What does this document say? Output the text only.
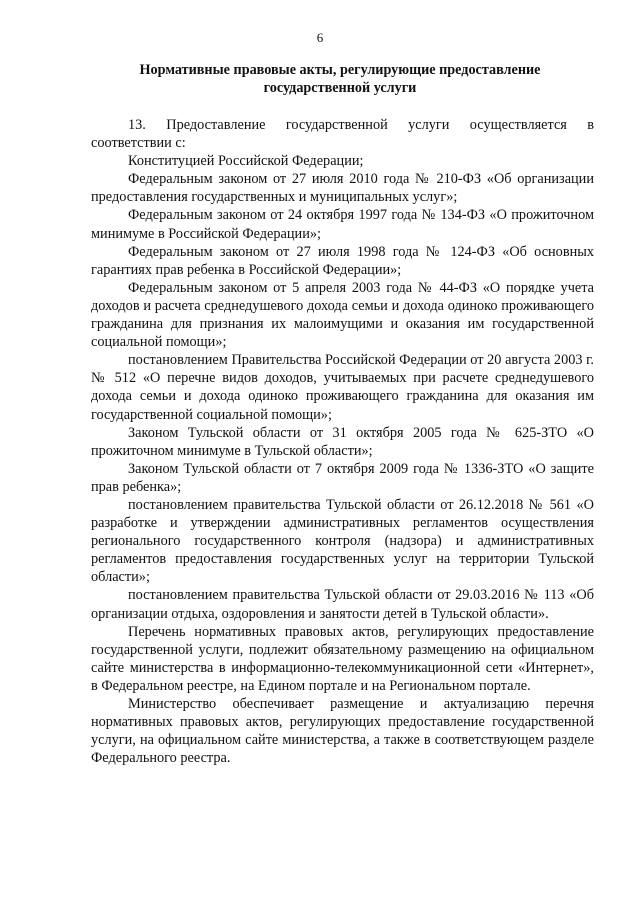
6
Нормативные правовые акты, регулирующие предоставление
государственной услуги

13. Предоставление государственной услуги осуществляется в соответствии с:

Конституцией Российской Федерации;

Федеральным законом от 27 июля 2010 года № 210-ФЗ «Об организации предоставления государственных и муниципальных услуг»;

Федеральным законом от 24 октября 1997 года № 134-ФЗ «О прожиточном минимуме в Российской Федерации»;

Федеральным законом от 27 июля 1998 года № 124-ФЗ «Об основных гарантиях прав ребенка в Российской Федерации»;

Федеральным законом от 5 апреля 2003 года № 44-ФЗ «О порядке учета доходов и расчета среднедушевого дохода семьи и дохода одиноко проживающего гражданина для признания их малоимущими и оказания им государственной социальной помощи»;

постановлением Правительства Российской Федерации от 20 августа 2003 г. № 512 «О перечне видов доходов, учитываемых при расчете среднедушевого дохода семьи и дохода одиноко проживающего гражданина для оказания им государственной социальной помощи»;

Законом Тульской области от 31 октября 2005 года № 625-ЗТО «О прожиточном минимуме в Тульской области»;

Законом Тульской области от 7 октября 2009 года № 1336-ЗТО «О защите прав ребенка»;

постановлением правительства Тульской области от 26.12.2018 № 561 «О разработке и утверждении административных регламентов осуществления регионального государственного контроля (надзора) и административных регламентов предоставления государственных услуг на территории Тульской области»;

постановлением правительства Тульской области от 29.03.2016 № 113 «Об организации отдыха, оздоровления и занятости детей в Тульской области».

Перечень нормативных правовых актов, регулирующих предоставление государственной услуги, подлежит обязательному размещению на официальном сайте министерства в информационно-телекоммуникационной сети «Интернет», в Федеральном реестре, на Едином портале и на Региональном портале.

Министерство обеспечивает размещение и актуализацию перечня нормативных правовых актов, регулирующих предоставление государственной услуги, на официальном сайте министерства, а также в соответствующем разделе Федерального реестра.
